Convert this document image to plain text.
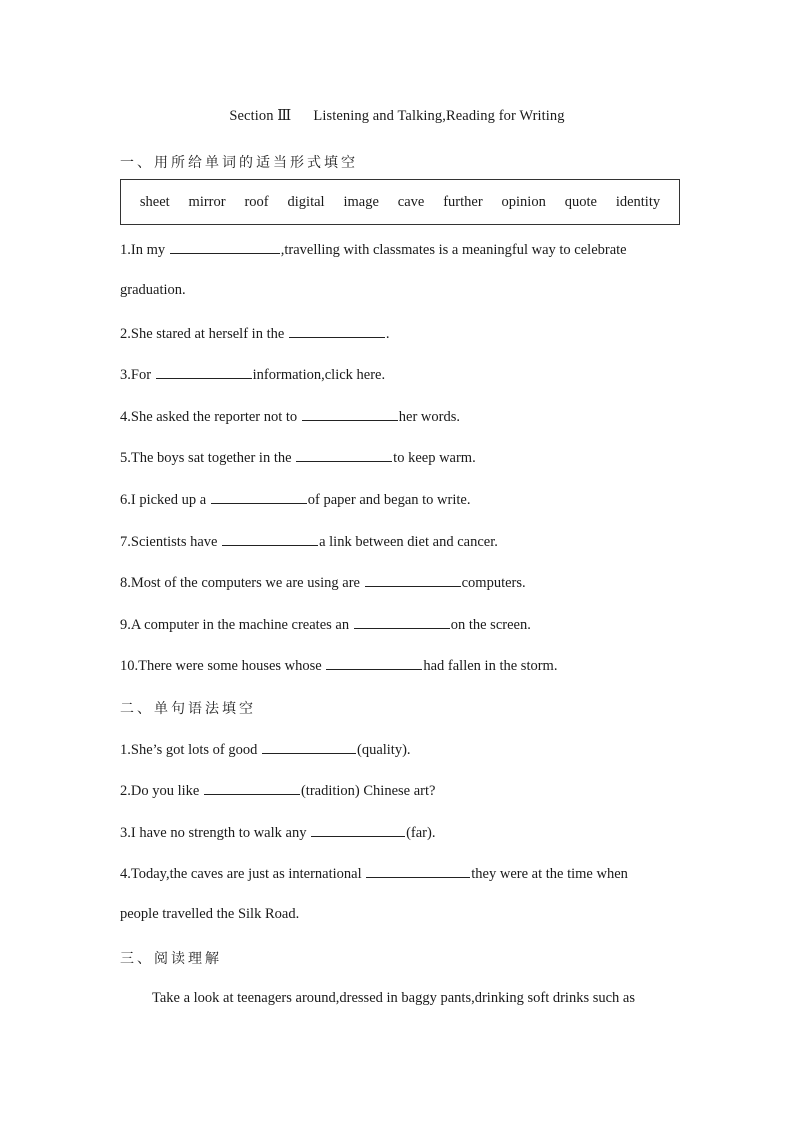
Section Ⅲ Listening and Talking,Reading for Writing
一、用所给单词的适当形式填空
sheet mirror roof digital image cave further opinion quote identity
1.In my	,travelling with classmates is a meaningful way to celebrate
graduation.
2.She stared at herself in the	.
3.For	information,click here.
4.She asked the reporter not to	her words.
5.The boys sat together in the	to keep warm.
6.I picked up a	of paper and began to write.
7.Scientists have	a link between diet and cancer.
8.Most of the computers we are using are	computers.
9.A computer in the machine creates an	on the screen.
10.There were some houses whose	had fallen in the storm.
二、单句语法填空
1.She’s got lots of good	(quality).
2.Do you like	(tradition) Chinese art?
3.I have no strength to walk any	(far).
4.Today,the caves are just as international	they were at the time when
people travelled the Silk Road.
三、阅读理解
Take a look at teenagers around,dressed in baggy pants,drinking soft drinks such as
